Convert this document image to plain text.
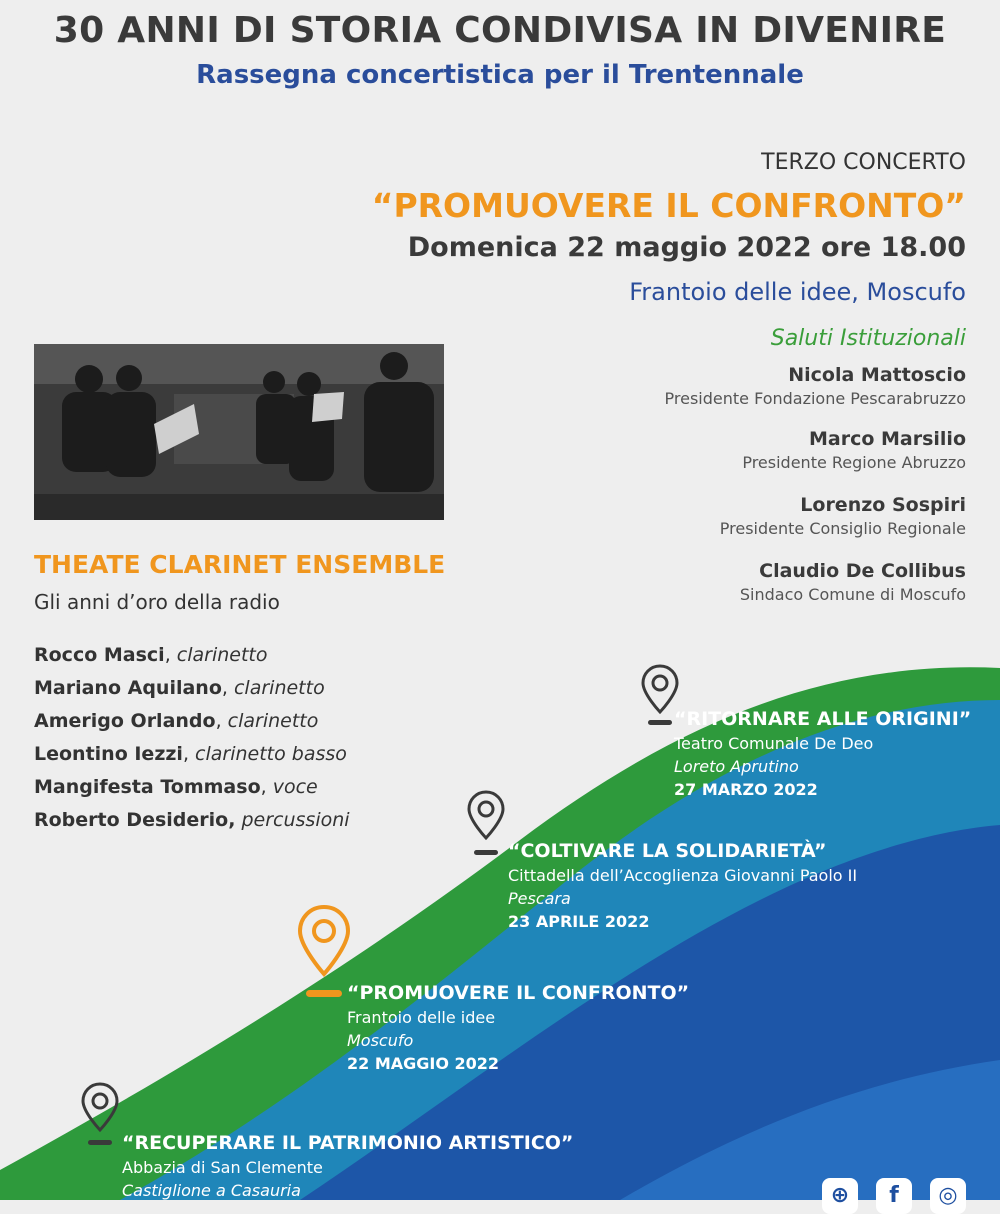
30 ANNI DI STORIA CONDIVISA IN DIVENIRE
Rassegna concertistica per il Trentennale
TERZO CONCERTO
“PROMUOVERE IL CONFRONTO”
Domenica 22 maggio 2022 ore 18.00
Frantoio delle idee, Moscufo
Saluti Istituzionali
Nicola Mattoscio
Presidente Fondazione Pescarabruzzo
Marco Marsilio
Presidente Regione Abruzzo
Lorenzo Sospiri
Presidente Consiglio Regionale
Claudio De Collibus
Sindaco Comune di Moscufo
THEATE CLARINET ENSEMBLE
Gli anni d’oro della radio
Rocco Masci, clarinetto
Mariano Aquilano, clarinetto
Amerigo Orlando, clarinetto
Leontino Iezzi, clarinetto basso
Mangifesta Tommaso, voce
Roberto Desiderio, percussioni
“RITORNARE ALLE ORIGINI”
Teatro Comunale De Deo
Loreto Aprutino
27 MARZO 2022
“COLTIVARE LA SOLIDARIETÀ”
Cittadella dell’Accoglienza Giovanni Paolo II
Pescara
23 APRILE 2022
“PROMUOVERE IL CONFRONTO”
Frantoio delle idee
Moscufo
22 MAGGIO 2022
“RECUPERARE IL PATRIMONIO ARTISTICO”
Abbazia di San Clemente
Castiglione a Casauria	⊕	f	◎
